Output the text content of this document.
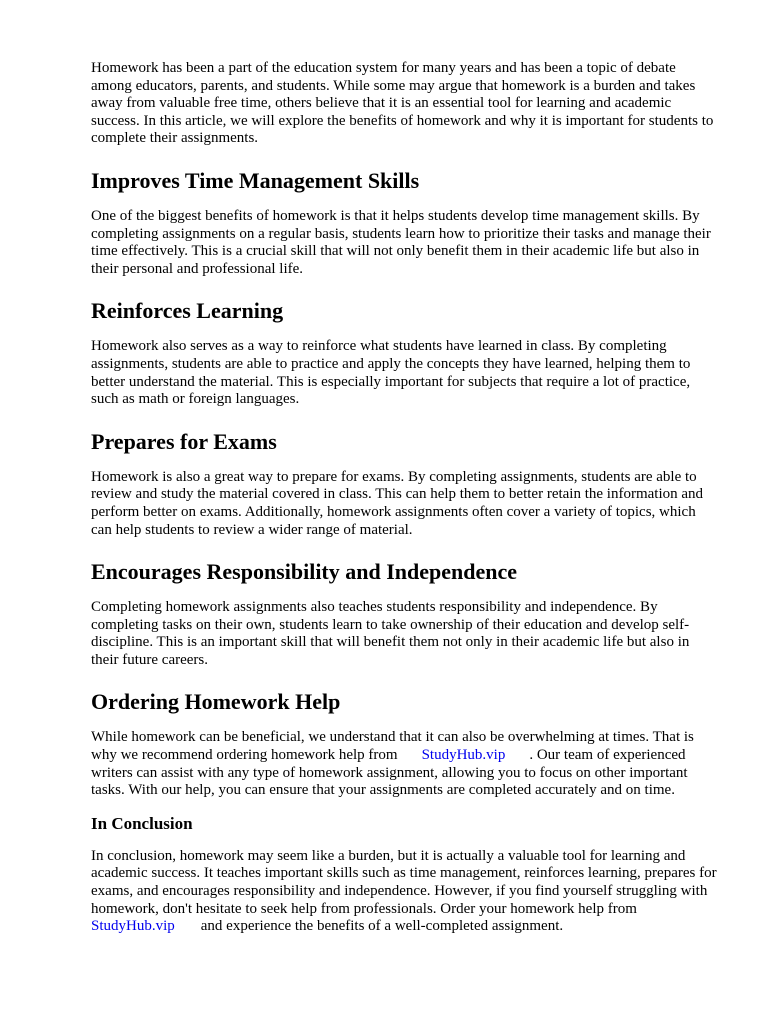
Homework has been a part of the education system for many years and has been a topic of debate among educators, parents, and students. While some may argue that homework is a burden and takes away from valuable free time, others believe that it is an essential tool for learning and academic success. In this article, we will explore the benefits of homework and why it is important for students to complete their assignments.

Improves Time Management Skills

One of the biggest benefits of homework is that it helps students develop time management skills. By completing assignments on a regular basis, students learn how to prioritize their tasks and manage their time effectively. This is a crucial skill that will not only benefit them in their academic life but also in their personal and professional life.

Reinforces Learning

Homework also serves as a way to reinforce what students have learned in class. By completing assignments, students are able to practice and apply the concepts they have learned, helping them to better understand the material. This is especially important for subjects that require a lot of practice, such as math or foreign languages.

Prepares for Exams

Homework is also a great way to prepare for exams. By completing assignments, students are able to review and study the material covered in class. This can help them to better retain the information and perform better on exams. Additionally, homework assignments often cover a variety of topics, which can help students to review a wider range of material.

Encourages Responsibility and Independence

Completing homework assignments also teaches students responsibility and independence. By completing tasks on their own, students learn to take ownership of their education and develop self-discipline. This is an important skill that will benefit them not only in their academic life but also in their future careers.

Ordering Homework Help

While homework can be beneficial, we understand that it can also be overwhelming at times. That is why we recommend ordering homework help from StudyHub.vip . Our team of experienced writers can assist with any type of homework assignment, allowing you to focus on other important tasks. With our help, you can ensure that your assignments are completed accurately and on time.

In Conclusion

In conclusion, homework may seem like a burden, but it is actually a valuable tool for learning and academic success. It teaches important skills such as time management, reinforces learning, prepares for exams, and encourages responsibility and independence. However, if you find yourself struggling with homework, don't hesitate to seek help from professionals. Order your homework help from StudyHub.vip and experience the benefits of a well-completed assignment.
